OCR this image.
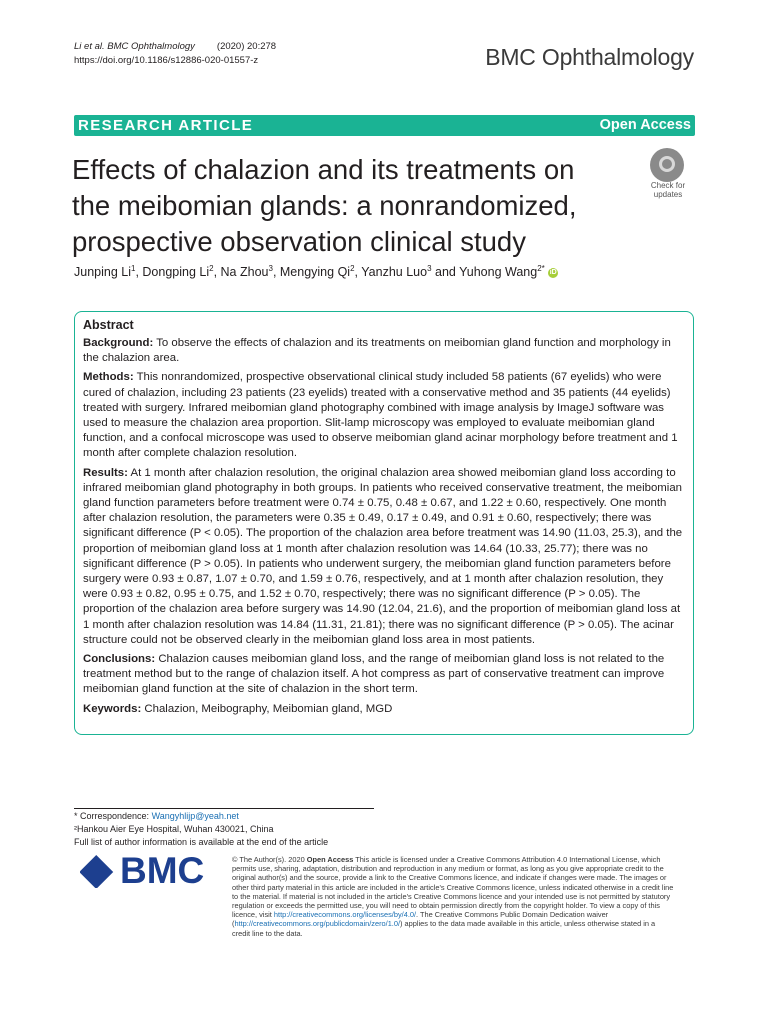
Li et al. BMC Ophthalmology (2020) 20:278
https://doi.org/10.1186/s12886-020-01557-z	BMC Ophthalmology
RESEARCH ARTICLE	Open Access
Effects of chalazion and its treatments on the meibomian glands: a nonrandomized, prospective observation clinical study
Check for
updates
Junping Li$^1$, Dongping Li$^2$, Na Zhou$^3$, Mengying Qi$^2$, Yanzhu Luo$^3$ and Yuhong Wang$^{2*}$ iD
Abstract

Background: To observe the effects of chalazion and its treatments on meibomian gland function and morphology in the chalazion area.

Methods: This nonrandomized, prospective observational clinical study included 58 patients (67 eyelids) who were cured of chalazion, including 23 patients (23 eyelids) treated with a conservative method and 35 patients (44 eyelids) treated with surgery. Infrared meibomian gland photography combined with image analysis by ImageJ software was used to measure the chalazion area proportion. Slit-lamp microscopy was employed to evaluate meibomian gland function, and a confocal microscope was used to observe meibomian gland acinar morphology before treatment and 1 month after complete chalazion resolution.

Results: At 1 month after chalazion resolution, the original chalazion area showed meibomian gland loss according to infrared meibomian gland photography in both groups. In patients who received conservative treatment, the meibomian gland function parameters before treatment were 0.74 ± 0.75, 0.48 ± 0.67, and 1.22 ± 0.60, respectively. One month after chalazion resolution, the parameters were 0.35 ± 0.49, 0.17 ± 0.49, and 0.91 ± 0.60, respectively; there was significant difference (P < 0.05). The proportion of the chalazion area before treatment was 14.90 (11.03, 25.3), and the proportion of meibomian gland loss at 1 month after chalazion resolution was 14.64 (10.33, 25.77); there was no significant difference (P > 0.05). In patients who underwent surgery, the meibomian gland function parameters before surgery were 0.93 ± 0.87, 1.07 ± 0.70, and 1.59 ± 0.76, respectively, and at 1 month after chalazion resolution, they were 0.93 ± 0.82, 0.95 ± 0.75, and 1.52 ± 0.70, respectively; there was no significant difference (P > 0.05). The proportion of the chalazion area before surgery was 14.90 (12.04, 21.6), and the proportion of meibomian gland loss at 1 month after chalazion resolution was 14.84 (11.31, 21.81); there was no significant difference (P > 0.05). The acinar structure could not be observed clearly in the meibomian gland loss area in most patients.

Conclusions: Chalazion causes meibomian gland loss, and the range of meibomian gland loss is not related to the treatment method but to the range of chalazion itself. A hot compress as part of conservative treatment can improve meibomian gland function at the site of chalazion in the short term.

Keywords: Chalazion, Meibography, Meibomian gland, MGD

* Correspondence: Wangyhlijp@yeah.net
²Hankou Aier Eye Hospital, Wuhan 430021, China
Full list of author information is available at the end of the article
BMC	© The Author(s). 2020 Open Access This article is licensed under a Creative Commons Attribution 4.0 International License, which permits use, sharing, adaptation, distribution and reproduction in any medium or format, as long as you give appropriate credit to the original author(s) and the source, provide a link to the Creative Commons licence, and indicate if changes were made. The images or other third party material in this article are included in the article's Creative Commons licence, unless indicated otherwise in a credit line to the material. If material is not included in the article's Creative Commons licence and your intended use is not permitted by statutory regulation or exceeds the permitted use, you will need to obtain permission directly from the copyright holder. To view a copy of this licence, visit http://creativecommons.org/licenses/by/4.0/. The Creative Commons Public Domain Dedication waiver (http://creativecommons.org/publicdomain/zero/1.0/) applies to the data made available in this article, unless otherwise stated in a credit line to the data.
